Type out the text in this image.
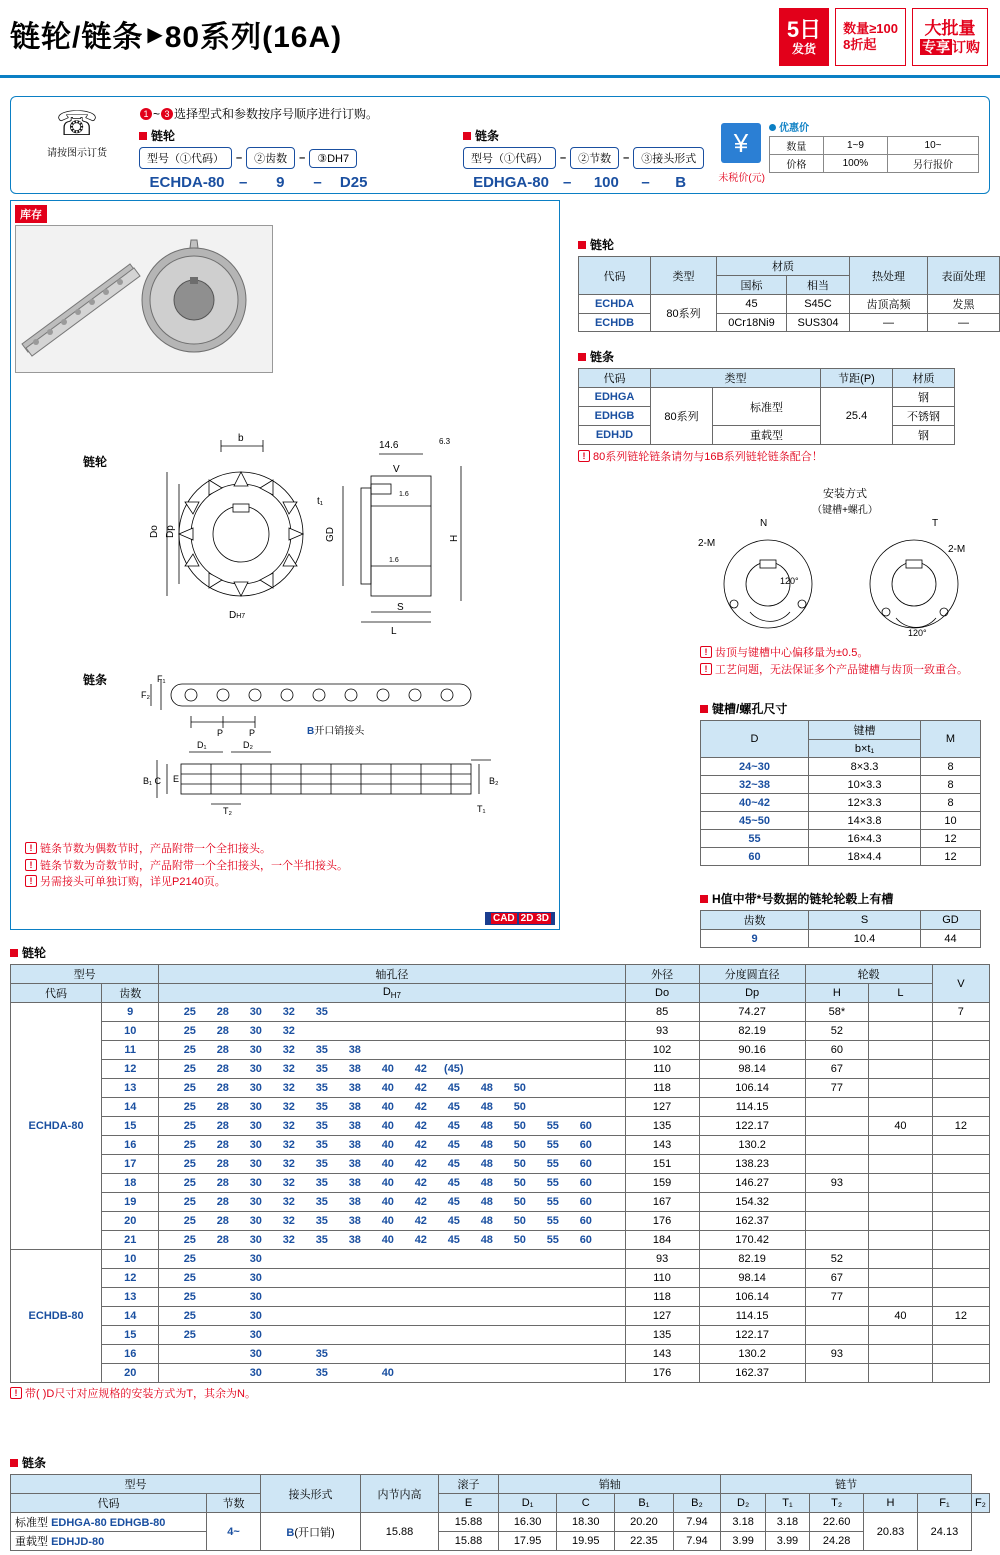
链轮/链条 ▶ 80系列(16A)	5日
发货
数量≥100
8折起
大批量
专享 订购
☏
请按图示订货
1 ~ 3 选择型式和参数按序号顺序进行订购。
链轮
型号（①代码）	–	②齿数	–	③DH7
ECHDA-80 –	9	–	D25
链条
型号（①代码）	–	②节数	–	③接头形式
EDHGA-80 –	100	–	B
¥
未税价(元)
优惠价
数量	1~9	10~
价格	100%	另行报价
库存
CAD 2D 3D
链轮
链条
b
t₁
Do Dp
DH7
14.6
V
GD	H
S
L
6.3
1.6
1.6
F₂
F₁
P	P
D₁	D₂
B₁ C E
T₂	T₁
B₂
B开口销接头
! 链条节数为偶数节时，产品附带一个全扣接头。
! 链条节数为奇数节时，产品附带一个全扣接头，一个半扣接头。
! 另需接头可单独订购，详见P2140页。
链轮
代码	类型	材质		热处理	表面处理
		国标	相当		
ECHDA	80系列	45	S45C	齿顶高频	发黑
ECHDB		0Cr18Ni9	SUS304	—	—
链条
代码	类型		节距(P)	材质
EDHGA	80系列	标准型	25.4	钢
EDHGB				不锈钢
EDHJD		重载型		钢
! 80系列链轮链条请勿与16B系列链轮链条配合！
安装方式
（键槽+螺孔）
N	T
2-M
120°
2-M
120°
! 齿顶与键槽中心偏移量为±0.5。
! 工艺问题，无法保证多个产品键槽与齿顶一致重合。
键槽/螺孔尺寸
D	键槽	M
	b×t₁	
24~30	8×3.3	8
32~38	10×3.3	8
40~42	12×3.3	8
45~50	14×3.8	10
55	16×4.3	12
60	18×4.4	12
H值中带*号数据的链轮轮毂上有槽
齿数	S	GD
9	10.4	44
链轮
型号		轴孔径	外径	分度圆直径	轮毂		V
代码	齿数	$D_{H7}$	Do	Dp	H	L	
ECHDA-80	9	25 28 30 32 35	85	74.27	58*		7
	10	25 28 30 32	93	82.19	52		
	11	25 28 30 32 35 38	102	90.16	60		
	12	25 28 30 32 35 38 40 42 (45)	110	98.14	67		
	13	25 28 30 32 35 38 40 42 45 48 50	118	106.14	77		
	14	25 28 30 32 35 38 40 42 45 48 50	127	114.15			
	15	25 28 30 32 35 38 40 42 45 48 50 55 60	135	122.17		40	12
	16	25 28 30 32 35 38 40 42 45 48 50 55 60	143	130.2			
	17	25 28 30 32 35 38 40 42 45 48 50 55 60	151	138.23			
	18	25 28 30 32 35 38 40 42 45 48 50 55 60	159	146.27	93		
	19	25 28 30 32 35 38 40 42 45 48 50 55 60	167	154.32			
	20	25 28 30 32 35 38 40 42 45 48 50 55 60	176	162.37			
	21	25 28 30 32 35 38 40 42 45 48 50 55 60	184	170.42			
ECHDB-80	10	25 30	93	82.19	52		
	12	25 30	110	98.14	67		
	13	25 30	118	106.14	77		
	14	25 30	127	114.15		40	12
	15	25 30	135	122.17			
	16	30 35	143	130.2	93		
	20	30 35 40	176	162.37			
! 带( )D尺寸对应规格的安装方式为T，其余为N。
链条
型号		接头形式	内节内高	滚子	销轴				链节					
代码	节数			E	D₁	C	B₁	B₂	D₂	T₁	T₂	H	F₁	F₂
标准型 EDHGA-80 EDHGB-80	4~	B(开口销)	15.88	15.88	16.30	18.30	20.20	7.94	3.18	3.18	22.60	20.83	24.13	
重载型 EDHJD-80				15.88	17.95	19.95	22.35	7.94	3.99	3.99	24.28			
